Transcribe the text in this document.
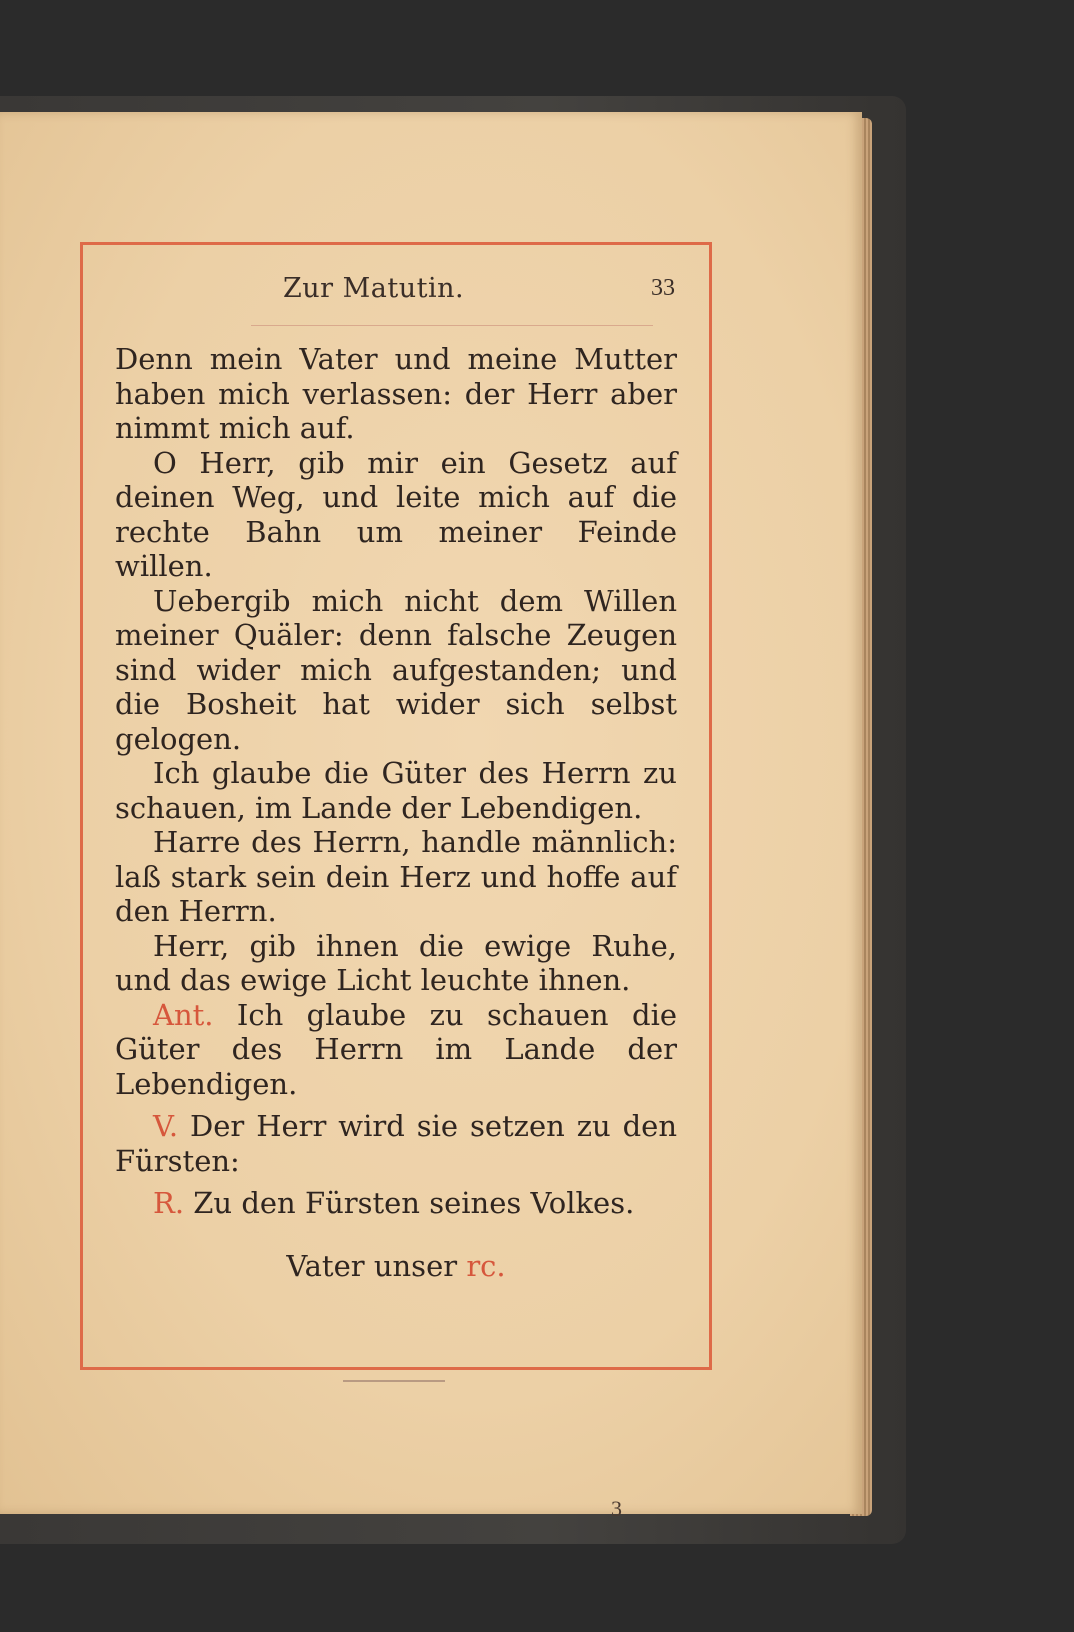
Zur Matutin.	33

Denn mein Vater und meine Mutter haben mich verlassen: der Herr aber nimmt mich auf.

O Herr, gib mir ein Gesetz auf deinen Weg, und leite mich auf die rechte Bahn um meiner Feinde willen.

Uebergib mich nicht dem Willen meiner Quäler: denn falsche Zeugen sind wider mich aufgestanden; und die Bosheit hat wider sich selbst gelogen.

Ich glaube die Güter des Herrn zu schauen, im Lande der Lebendigen.

Harre des Herrn, handle männlich: laß stark sein dein Herz und hoffe auf den Herrn.

Herr, gib ihnen die ewige Ruhe, und das ewige Licht leuchte ihnen.

Ant. Ich glaube zu schauen die Güter des Herrn im Lande der Lebendigen.

V. Der Herr wird sie setzen zu den Fürsten:

R. Zu den Fürsten seines Volkes.

Vater unser rc.

3
